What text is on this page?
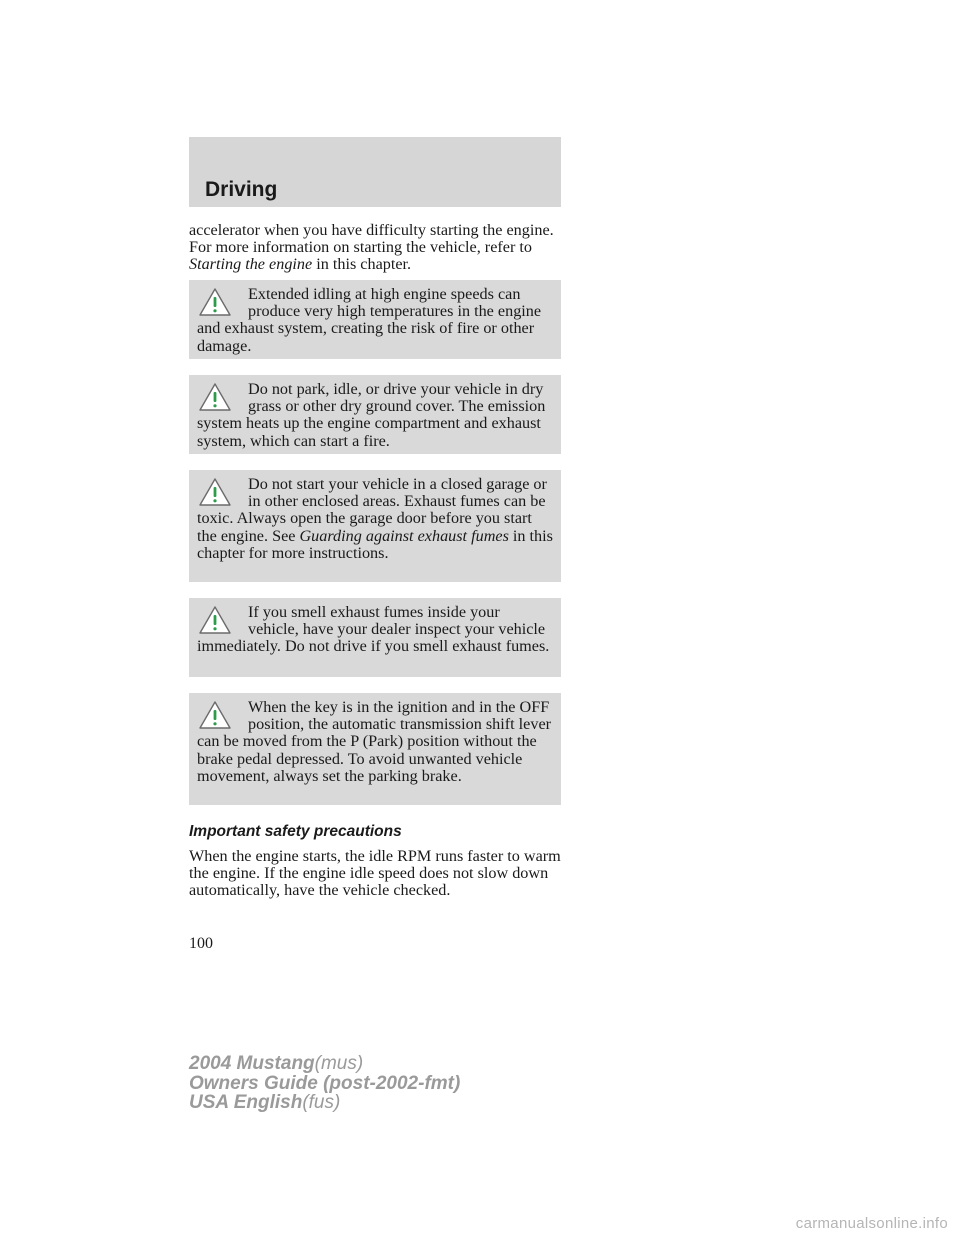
Driving

accelerator when you have difficulty starting the engine. For more information on starting the vehicle, refer to Starting the engine in this chapter.

Extended idling at high engine speeds can produce very high temperatures in the engine and exhaust system, creating the risk of fire or other damage.

Do not park, idle, or drive your vehicle in dry grass or other dry ground cover. The emission system heats up the engine compartment and exhaust system, which can start a fire.

Do not start your vehicle in a closed garage or in other enclosed areas. Exhaust fumes can be toxic. Always open the garage door before you start the engine. See Guarding against exhaust fumes in this chapter for more instructions.

If you smell exhaust fumes inside your vehicle, have your dealer inspect your vehicle immediately. Do not drive if you smell exhaust fumes.

When the key is in the ignition and in the OFF position, the automatic transmission shift lever can be moved from the P (Park) position without the brake pedal depressed. To avoid unwanted vehicle movement, always set the parking brake.

Important safety precautions

When the engine starts, the idle RPM runs faster to warm the engine. If the engine idle speed does not slow down automatically, have the vehicle checked.

100
2004 Mustang(mus)
Owners Guide (post-2002-fmt)
USA English(fus)
carmanualsonline.info
